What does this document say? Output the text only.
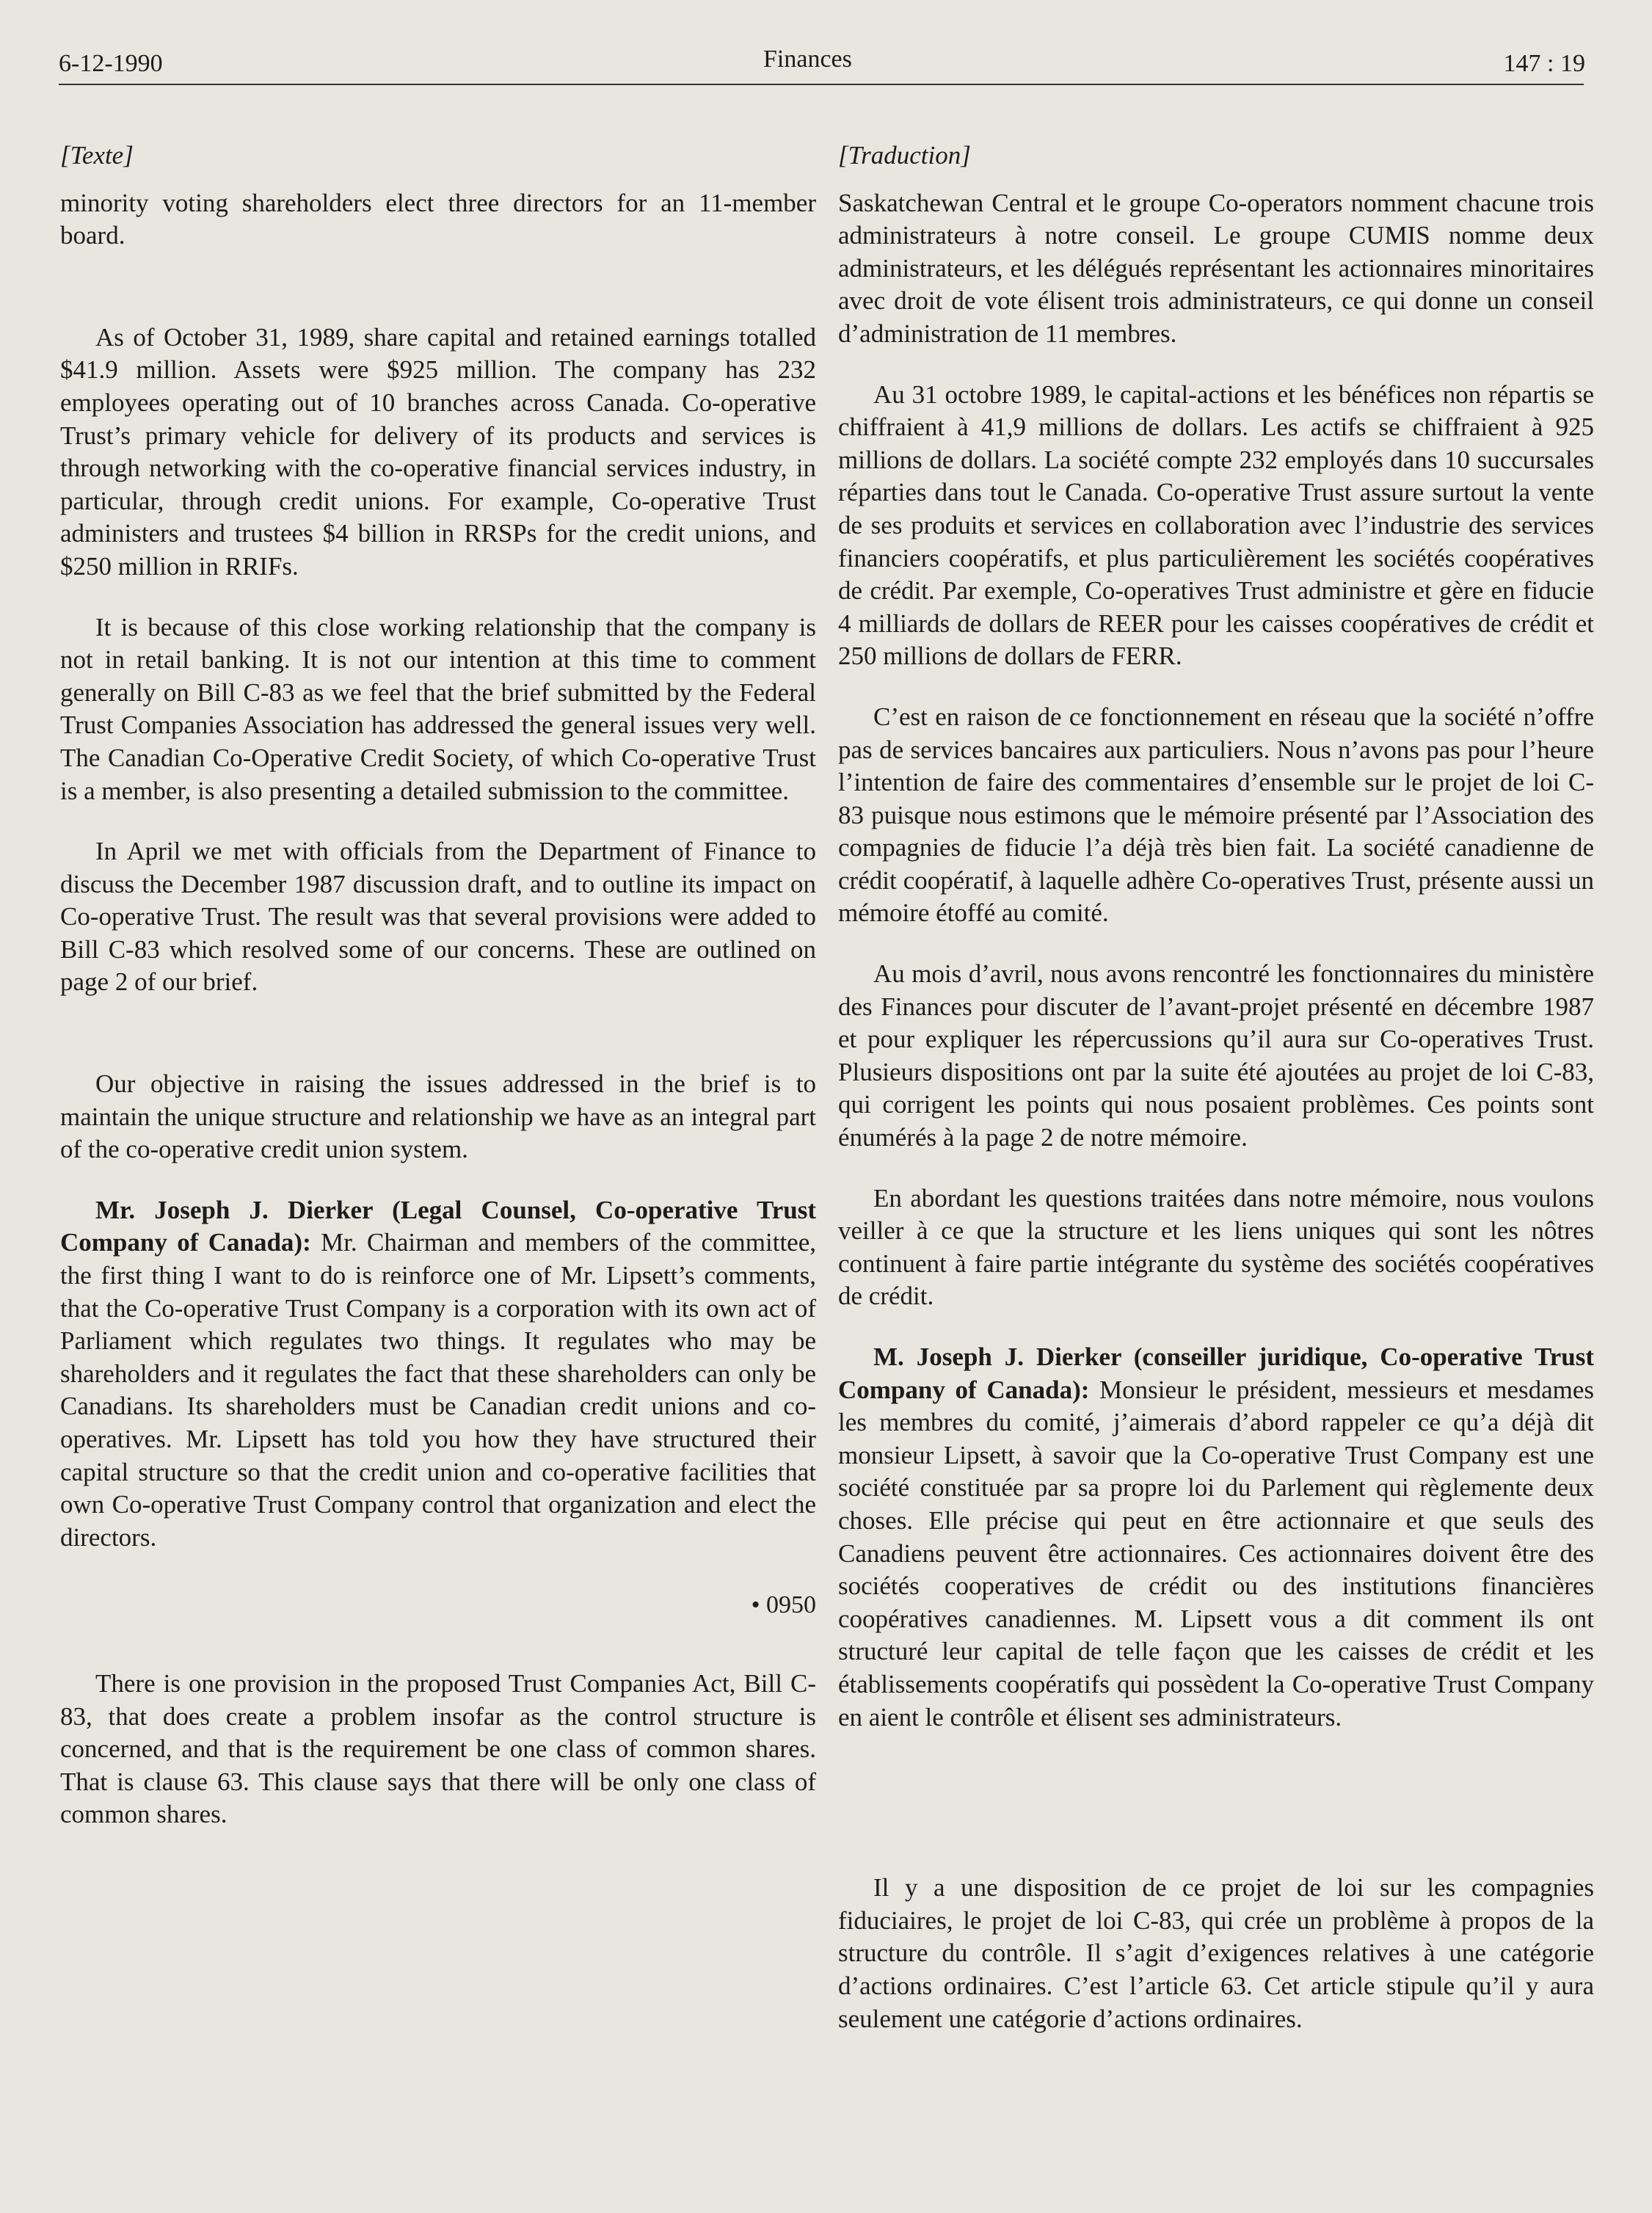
6-12-1990	Finances	147 : 19

[Texte]

minority voting shareholders elect three directors for an 11-member board.

As of October 31, 1989, share capital and retained earnings totalled $41.9 million. Assets were $925 million. The company has 232 employees operating out of 10 branches across Canada. Co-operative Trust’s primary vehicle for delivery of its products and services is through networking with the co-operative financial services industry, in particular, through credit unions. For example, Co-operative Trust administers and trustees $4 billion in RRSPs for the credit unions, and $250 million in RRIFs.

It is because of this close working relationship that the company is not in retail banking. It is not our intention at this time to comment generally on Bill C-83 as we feel that the brief submitted by the Federal Trust Companies Association has addressed the general issues very well. The Canadian Co-Operative Credit Society, of which Co-operative Trust is a member, is also presenting a detailed submission to the committee.

In April we met with officials from the Department of Finance to discuss the December 1987 discussion draft, and to outline its impact on Co-operative Trust. The result was that several provisions were added to Bill C-83 which resolved some of our concerns. These are outlined on page 2 of our brief.

Our objective in raising the issues addressed in the brief is to maintain the unique structure and relationship we have as an integral part of the co-operative credit union system.

Mr. Joseph J. Dierker (Legal Counsel, Co-operative Trust Company of Canada): Mr. Chairman and members of the committee, the first thing I want to do is reinforce one of Mr. Lipsett’s comments, that the Co-operative Trust Company is a corporation with its own act of Parliament which regulates two things. It regulates who may be shareholders and it regulates the fact that these shareholders can only be Canadians. Its shareholders must be Canadian credit unions and co-operatives. Mr. Lipsett has told you how they have structured their capital structure so that the credit union and co-operative facilities that own Co-operative Trust Company control that organization and elect the directors.

• 0950

There is one provision in the proposed Trust Companies Act, Bill C-83, that does create a problem insofar as the control structure is concerned, and that is the requirement be one class of common shares. That is clause 63. This clause says that there will be only one class of common shares.

[Traduction]

Saskatchewan Central et le groupe Co-operators nomment chacune trois administrateurs à notre conseil. Le groupe CUMIS nomme deux administrateurs, et les délégués représentant les actionnaires minoritaires avec droit de vote élisent trois administrateurs, ce qui donne un conseil d’administration de 11 membres.

Au 31 octobre 1989, le capital-actions et les bénéfices non répartis se chiffraient à 41,9 millions de dollars. Les actifs se chiffraient à 925 millions de dollars. La société compte 232 employés dans 10 succursales réparties dans tout le Canada. Co-operative Trust assure surtout la vente de ses produits et services en collaboration avec l’industrie des services financiers coopératifs, et plus particulièrement les sociétés coopératives de crédit. Par exemple, Co-operatives Trust administre et gère en fiducie 4 milliards de dollars de REER pour les caisses coopératives de crédit et 250 millions de dollars de FERR.

C’est en raison de ce fonctionnement en réseau que la société n’offre pas de services bancaires aux particuliers. Nous n’avons pas pour l’heure l’intention de faire des commentaires d’ensemble sur le projet de loi C-83 puisque nous estimons que le mémoire présenté par l’Association des compagnies de fiducie l’a déjà très bien fait. La société canadienne de crédit coopératif, à laquelle adhère Co-operatives Trust, présente aussi un mémoire étoffé au comité.

Au mois d’avril, nous avons rencontré les fonctionnaires du ministère des Finances pour discuter de l’avant-projet présenté en décembre 1987 et pour expliquer les répercussions qu’il aura sur Co-operatives Trust. Plusieurs dispositions ont par la suite été ajoutées au projet de loi C-83, qui corrigent les points qui nous posaient problèmes. Ces points sont énumérés à la page 2 de notre mémoire.

En abordant les questions traitées dans notre mémoire, nous voulons veiller à ce que la structure et les liens uniques qui sont les nôtres continuent à faire partie intégrante du système des sociétés coopératives de crédit.

M. Joseph J. Dierker (conseiller juridique, Co-operative Trust Company of Canada): Monsieur le président, messieurs et mesdames les membres du comité, j’aimerais d’abord rappeler ce qu’a déjà dit monsieur Lipsett, à savoir que la Co-operative Trust Company est une société constituée par sa propre loi du Parlement qui règlemente deux choses. Elle précise qui peut en être actionnaire et que seuls des Canadiens peuvent être actionnaires. Ces actionnaires doivent être des sociétés cooperatives de crédit ou des institutions financières coopératives canadiennes. M. Lipsett vous a dit comment ils ont structuré leur capital de telle façon que les caisses de crédit et les établissements coopératifs qui possèdent la Co-operative Trust Company en aient le contrôle et élisent ses administrateurs.

Il y a une disposition de ce projet de loi sur les compagnies fiduciaires, le projet de loi C-83, qui crée un problème à propos de la structure du contrôle. Il s’agit d’exigences relatives à une catégorie d’actions ordinaires. C’est l’article 63. Cet article stipule qu’il y aura seulement une catégorie d’actions ordinaires.
